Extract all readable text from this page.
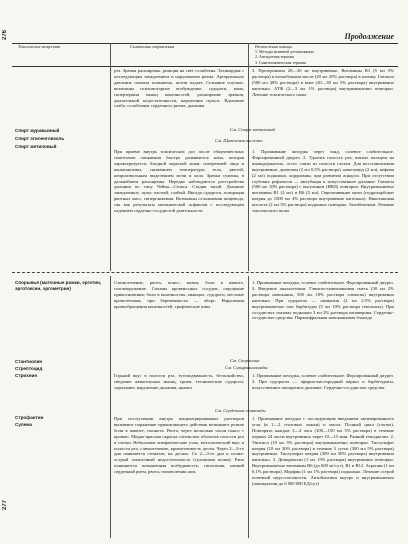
276
277
Продолжение
Токсические вещества	Симптомы отравления	Неотложная помощь
1. Методы активной детоксикации
2. Антидотная терапия
3. Симптоматическая терапия

рта. Зрачки расширены, реакция на свет ослаблена. Тахикардия с последующим замедлением и нарушением ритма. Артериальное давление сначала повышено, потом падает. Сознание спутано, возможны психомоторное возбуждение, судороги, кома, гипертермия мышц конечностей, расширение зрачков, дыхательной недостаточности, нарушения пульса. Вдыхание слабо, ослабление сердечного ритма, дыхания

3. Прозерпином 20—30 мг внутривенно. Витамины B1 (5 мл 5% раствора) в воскобонном масле (20 мл 25% раствора) в клизму. Глюкоза (500 мл 40% раствора) в вене (20—30 мл 5% раствора) внутривенно капельно. АТФ (2—3 мл 1% раствора) внутримышечно повторно. Лечение токсического шока

Спирт муравьиный
Спирт этиленгликоль
Спирт метиловый
См. Спирт метиловый
См. Щавелевая кислота

При приеме внутрь токсических доз после общеизвестных симптомов опьянения быстро развивается кома, которая характеризуется: бледной окраской кожи, гиперемией лица и конъюнктивы, снижением температуры тела, рвотой, непроизвольным выделением мочи и кала. Зрачки сужены, в дальнейшем расширены. Нередко наблюдаются расстройства дыхания по типу Чейна—Стокса. Стадия запой. Дыхание замедленное, пульс частый, слабый. Иногда судороги, аспирация рвотных масс, гипергликемия. Возможны осложнения пищевода, так как результаты механической асфиксии с последующим падением сердечно-сосудистой деятельности

1. Промывание желудка через зонд, солевое слабительное. Форсированный диурез. 2. Удалить полость рта, взятые пальцем на языкодержатель, отсос слизи из полости глотки. Для восстановления внутривенно: диазепам (2 мл 0,5% раствора), никетамид (2 мл), кофеин (2 мл) подкожно, кордиамин, при развитии ацидоза. При отсутствии глубоких рефлексов — интубация и искусственное дыхание. Глюкоза (500 мл 10% раствора) с инсулином (ИВЛ) повторно. Внутримышечно витамины В1 (2 мл) и В6 (5 мл). Ощелачивание мочи (гидрокарбонат натрия до 1000 мл 4% раствора внутривенно капельно). Никотиновая кислота (2 мл 5% раствора) подкожно повторно. Антибиотики. Лечение токсического шока

Спорынья (маточные рожки, эрготин, эрготоксин, эргометрин)

Слюнотечение, рвота, понос, мазки, боли в животе, головокружение. Спазмы кровеносных сосудов, ощущение прикосновения; боли в конечностях, мышцах, судороги, местные кровотечения, при беременности — аборт. Нарушения кровообращения конечностей, трофические язвы

1. Промывание желудка, солевое слабительное. Форсированный диурез. 3. Введение анальгетиков. Глюкозо-новокаиновая смесь (30 мл 2% раствора новокаина, 500 мл 10% раствора глюкозы) внутривенно капельно. При судорогах — аминазин (2 мл 2,5% раствора) внутримышечно или барбитуры (5 мл 10% раствора гексенала). При сосудистых спазмах подкожно 3 мл 2% раствора папаверина. Сердечно-сосудистые средства. Паранефральная новокаиновая блокада

Стантиолин
Стрептоцид
Стрихнин
См. Скорпиона
См. Сульфаниламиды

Горький вкус в полости рта, тугоподвижность, беспокойство, сведение жевательных мышц, тризм, тетанические судороги, задыхание, нарушение дыхания, цианоз

1. Промывание желудка, солевое слабительное. Форсированный диурез. 3. При судорогах — эфирно-кислородный наркоз и барбитураты, искусственное аппаратное дыхание. Сердечно-сосудистые средства

См. Сердечные гликозиды
Строфантин
Сулема

При поступлении внутрь концентрированных растворов вызывают поражение прижигающего действия возникают резкие боли в животе, тошнота. Рвота, через несколько часов понос с кровью. Медно-красная окраска слизистых оболочек полости рта и глотки. Небольшие лимфатические узлы, металлический вкус в полости рта, слюнотечение, кровоточивость десен. Через 2—3-го дня появляется стоматит, на деснах. Со 2—3-го дня и позже: острый лопаточный недостаточность (сулемовая почка). Рано появляются повышенная возбудимость, гипотония, низкий сердечный ритм, рвота, гиповолемия шок

1. Промывание желудка с последующим введением активированного угля (в 1—2 столовых ложки) и масла. Полный цикл (глотка). Повторять каждые 3—4 часа (100—150 мл 5% раствора) в течение первых 24 часов внутривенно через 10—15 мин. Ранний гемодиализ. 2. Унитиол (10 мл 5% раствора) внутримышечно повторно. Тиосульфат натрия (10 мл 30% раствора) в течение 3 суток (300 мл 5% раствора) внутривенно. Тиосульфат натрия (300 мл 30% раствора) внутривенно капельно. 3. Дипироксим (1 мл 15% раствора) внутривенно повторно. Внутримышечно витамины В6 (до 600 мг/сут), В1 и В12. Атропин (1 мл 0,1% раствора). Морфин (1 мл 1% раствора) подкожно. Лечение острой почечной недостаточности. Антибиотики внутрь и внутримышечно (пенициллин до 6 000 000 ЕД/сут)
